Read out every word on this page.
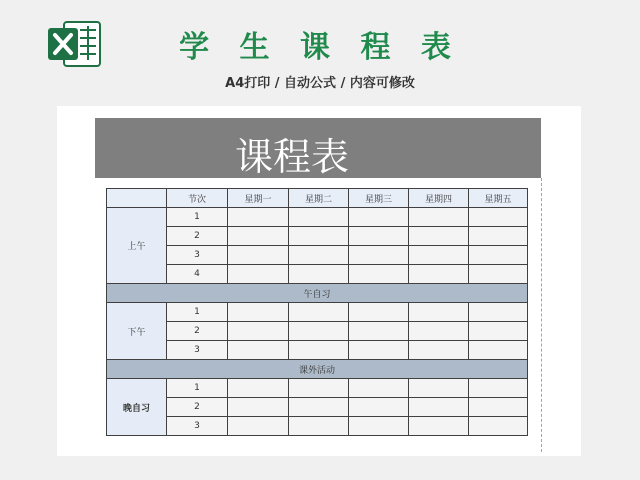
学 生 课 程 表
A4打印 / 自动公式 / 内容可修改
课程表
	节次	星期一	星期二	星期三	星期四	星期五
上午	1					
	2					
	3					
	4					
午自习						
下午	1					
	2					
	3					
课外活动						
晚自习	1					
	2					
	3					
